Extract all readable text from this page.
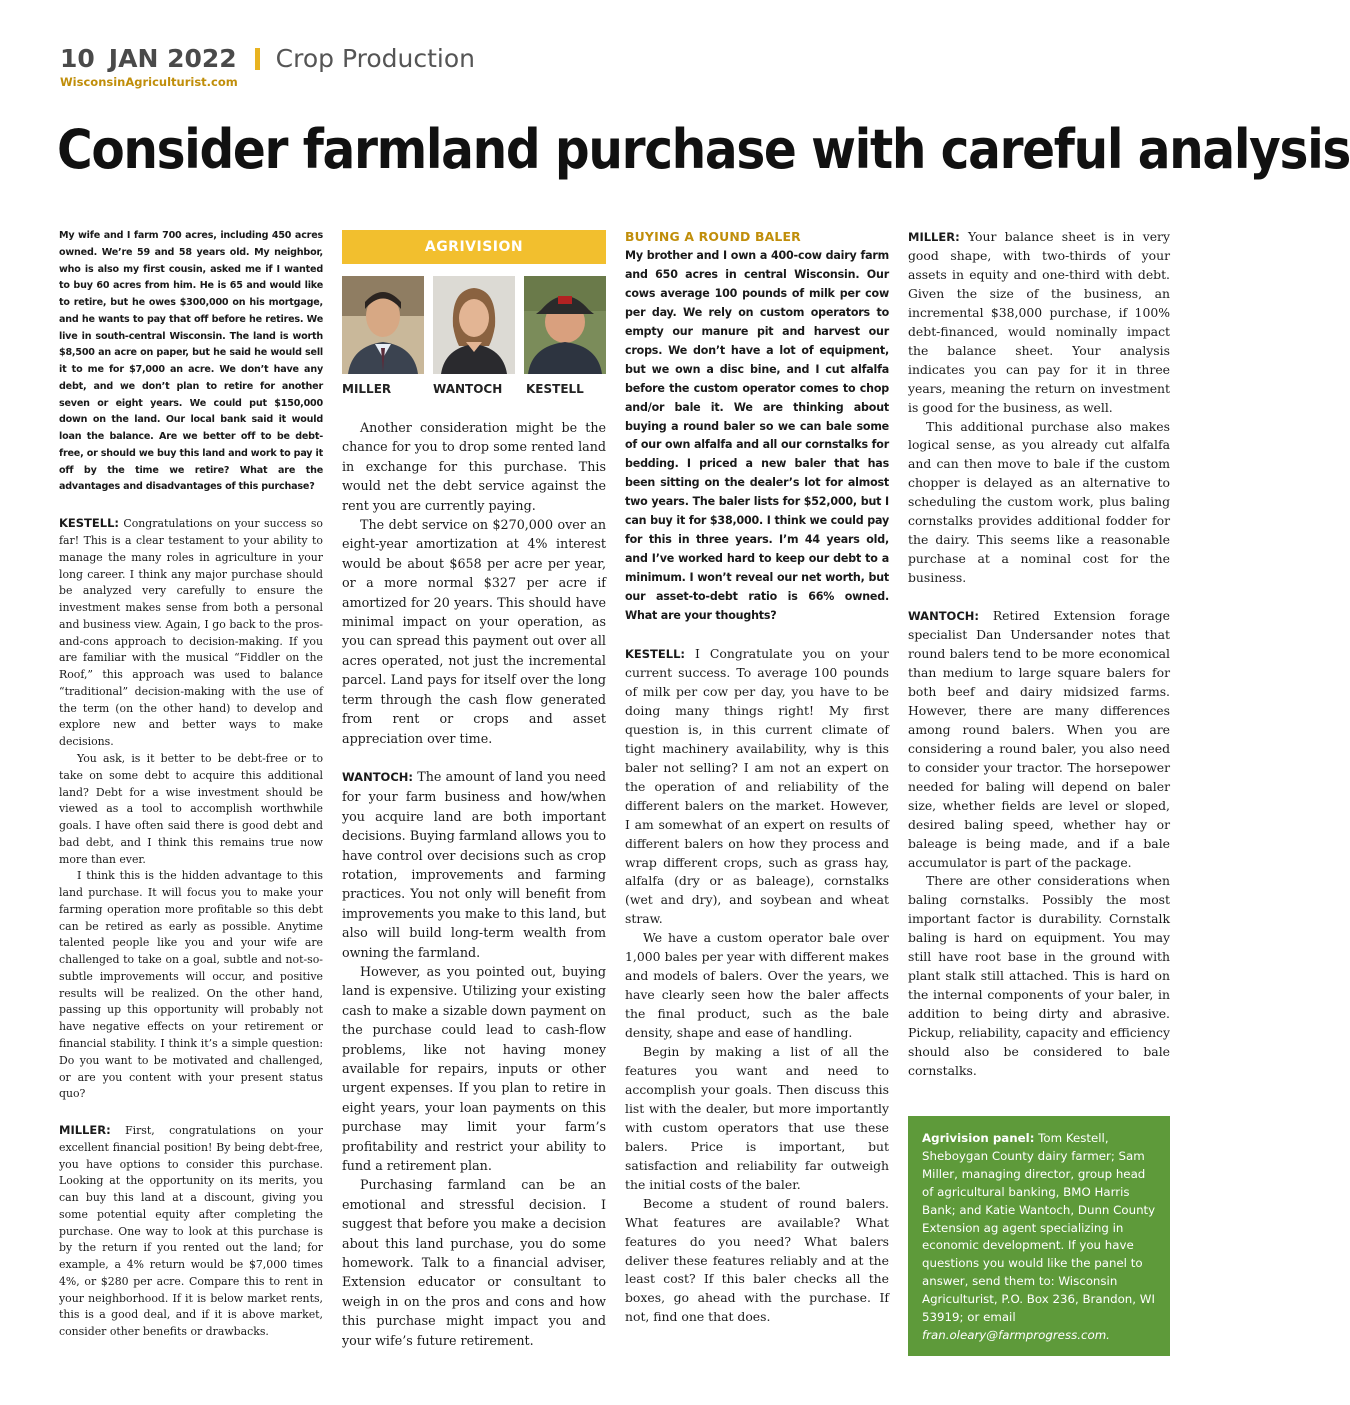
10 JAN 2022 Crop Production
WisconsinAgriculturist.com
Consider farmland purchase with careful analysis

My wife and I farm 700 acres, including 450 acres owned. We’re 59 and 58 years old. My neighbor, who is also my first cousin, asked me if I wanted to buy 60 acres from him. He is 65 and would like to retire, but he owes $300,000 on his mortgage, and he wants to pay that off before he retires. We live in south-central Wisconsin. The land is worth $8,500 an acre on paper, but he said he would sell it to me for $7,000 an acre. We don’t have any debt, and we don’t plan to retire for another seven or eight years. We could put $150,000 down on the land. Our local bank said it would loan the balance. Are we better off to be debt-free, or should we buy this land and work to pay it off by the time we retire? What are the advantages and disadvantages of this purchase?

KESTELL: Congratulations on your success so far! This is a clear testament to your ability to manage the many roles in agriculture in your long career. I think any major purchase should be analyzed very carefully to ensure the investment makes sense from both a personal and business view. Again, I go back to the pros-and-cons approach to decision-making. If you are familiar with the musical “Fiddler on the Roof,” this approach was used to balance “traditional” decision-making with the use of the term (on the other hand) to develop and explore new and better ways to make decisions.

You ask, is it better to be debt-free or to take on some debt to acquire this additional land? Debt for a wise investment should be viewed as a tool to accomplish worthwhile goals. I have often said there is good debt and bad debt, and I think this remains true now more than ever.

I think this is the hidden advantage to this land purchase. It will focus you to make your farming operation more profitable so this debt can be retired as early as possible. Anytime talented people like you and your wife are challenged to take on a goal, subtle and not-so-subtle improvements will occur, and positive results will be realized. On the other hand, passing up this opportunity will probably not have negative effects on your retirement or financial stability. I think it’s a simple question: Do you want to be motivated and challenged, or are you content with your present status quo?

MILLER: First, congratulations on your excellent financial position! By being debt-free, you have options to consider this purchase. Looking at the opportunity on its merits, you can buy this land at a discount, giving you some potential equity after completing the purchase. One way to look at this purchase is by the return if you rented out the land; for example, a 4% return would be $7,000 times 4%, or $280 per acre. Compare this to rent in your neighborhood. If it is below market rents, this is a good deal, and if it is above market, consider other benefits or drawbacks.

AGRIVISION
MILLER	WANTOCH	KESTELL

Another consideration might be the chance for you to drop some rented land in exchange for this purchase. This would net the debt service against the rent you are currently paying.

The debt service on $270,000 over an eight-year amortization at 4% interest would be about $658 per acre per year, or a more normal $327 per acre if amortized for 20 years. This should have minimal impact on your operation, as you can spread this payment out over all acres operated, not just the incremental parcel. Land pays for itself over the long term through the cash flow generated from rent or crops and asset appreciation over time.

WANTOCH: The amount of land you need for your farm business and how/when you acquire land are both important decisions. Buying farmland allows you to have control over decisions such as crop rotation, improvements and farming practices. You not only will benefit from improvements you make to this land, but also will build long-term wealth from owning the farmland.

However, as you pointed out, buying land is expensive. Utilizing your existing cash to make a sizable down payment on the purchase could lead to cash-flow problems, like not having money available for repairs, inputs or other urgent expenses. If you plan to retire in eight years, your loan payments on this purchase may limit your farm’s profitability and restrict your ability to fund a retirement plan.

Purchasing farmland can be an emotional and stressful decision. I suggest that before you make a decision about this land purchase, you do some homework. Talk to a financial adviser, Extension educator or consultant to weigh in on the pros and cons and how this purchase might impact you and your wife’s future retirement.

BUYING A ROUND BALER

My brother and I own a 400-cow dairy farm and 650 acres in central Wisconsin. Our cows average 100 pounds of milk per cow per day. We rely on custom operators to empty our manure pit and harvest our crops. We don’t have a lot of equipment, but we own a disc bine, and I cut alfalfa before the custom operator comes to chop and/or bale it. We are thinking about buying a round baler so we can bale some of our own alfalfa and all our cornstalks for bedding. I priced a new baler that has been sitting on the dealer’s lot for almost two years. The baler lists for $52,000, but I can buy it for $38,000. I think we could pay for this in three years. I’m 44 years old, and I’ve worked hard to keep our debt to a minimum. I won’t reveal our net worth, but our asset-to-debt ratio is 66% owned. What are your thoughts?

KESTELL: I Congratulate you on your current success. To average 100 pounds of milk per cow per day, you have to be doing many things right! My first question is, in this current climate of tight machinery availability, why is this baler not selling? I am not an expert on the operation of and reliability of the different balers on the market. However, I am somewhat of an expert on results of different balers on how they process and wrap different crops, such as grass hay, alfalfa (dry or as baleage), cornstalks (wet and dry), and soybean and wheat straw.

We have a custom operator bale over 1,000 bales per year with different makes and models of balers. Over the years, we have clearly seen how the baler affects the final product, such as the bale density, shape and ease of handling.

Begin by making a list of all the features you want and need to accomplish your goals. Then discuss this list with the dealer, but more importantly with custom operators that use these balers. Price is important, but satisfaction and reliability far outweigh the initial costs of the baler.

Become a student of round balers. What features are available? What features do you need? What balers deliver these features reliably and at the least cost? If this baler checks all the boxes, go ahead with the purchase. If not, find one that does.

MILLER: Your balance sheet is in very good shape, with two-thirds of your assets in equity and one-third with debt. Given the size of the business, an incremental $38,000 purchase, if 100% debt-financed, would nominally impact the balance sheet. Your analysis indicates you can pay for it in three years, meaning the return on investment is good for the business, as well.

This additional purchase also makes logical sense, as you already cut alfalfa and can then move to bale if the custom chopper is delayed as an alternative to scheduling the custom work, plus baling cornstalks provides additional fodder for the dairy. This seems like a reasonable purchase at a nominal cost for the business.

WANTOCH: Retired Extension forage specialist Dan Undersander notes that round balers tend to be more economical than medium to large square balers for both beef and dairy midsized farms. However, there are many differences among round balers. When you are considering a round baler, you also need to consider your tractor. The horsepower needed for baling will depend on baler size, whether fields are level or sloped, desired baling speed, whether hay or baleage is being made, and if a bale accumulator is part of the package.

There are other considerations when baling cornstalks. Possibly the most important factor is durability. Cornstalk baling is hard on equipment. You may still have root base in the ground with plant stalk still attached. This is hard on the internal components of your baler, in addition to being dirty and abrasive. Pickup, reliability, capacity and efficiency should also be considered to bale cornstalks.

Agrivision panel: Tom Kestell, Sheboygan County dairy farmer; Sam Miller, managing director, group head of agricultural banking, BMO Harris Bank; and Katie Wantoch, Dunn County Extension ag agent specializing in economic development. If you have questions you would like the panel to answer, send them to: Wisconsin Agriculturist, P.O. Box 236, Brandon, WI 53919; or email fran.oleary@farmprogress.com.
